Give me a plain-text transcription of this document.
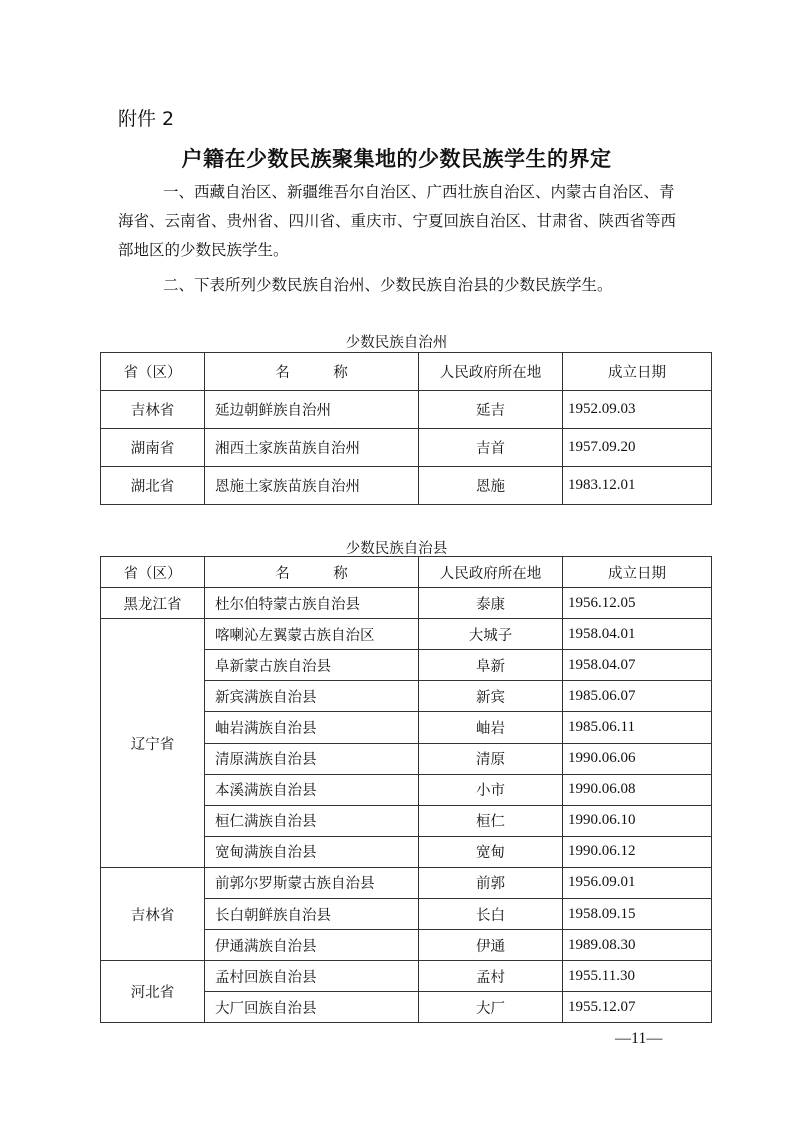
附件 2
户籍在少数民族聚集地的少数民族学生的界定
一、西藏自治区、新疆维吾尔自治区、广西壮族自治区、内蒙古自治区、青海省、云南省、贵州省、四川省、重庆市、宁夏回族自治区、甘肃省、陕西省等西部地区的少数民族学生。
二、下表所列少数民族自治州、少数民族自治县的少数民族学生。
少数民族自治州
省（区）	名　　　称	人民政府所在地	成立日期
吉林省	延边朝鲜族自治州	延吉	1952.09.03
湖南省	湘西土家族苗族自治州	吉首	1957.09.20
湖北省	恩施土家族苗族自治州	恩施	1983.12.01
少数民族自治县
省（区）	名　　　称	人民政府所在地	成立日期
黑龙江省	杜尔伯特蒙古族自治县	泰康	1956.12.05
辽宁省	喀喇沁左翼蒙古族自治区	大城子	1958.04.01
	阜新蒙古族自治县	阜新	1958.04.07
	新宾满族自治县	新宾	1985.06.07
	岫岩满族自治县	岫岩	1985.06.11
	清原满族自治县	清原	1990.06.06
	本溪满族自治县	小市	1990.06.08
	桓仁满族自治县	桓仁	1990.06.10
	宽甸满族自治县	宽甸	1990.06.12
吉林省	前郭尔罗斯蒙古族自治县	前郭	1956.09.01
	长白朝鲜族自治县	长白	1958.09.15
	伊通满族自治县	伊通	1989.08.30
河北省	孟村回族自治县	孟村	1955.11.30
	大厂回族自治县	大厂	1955.12.07
—11—
